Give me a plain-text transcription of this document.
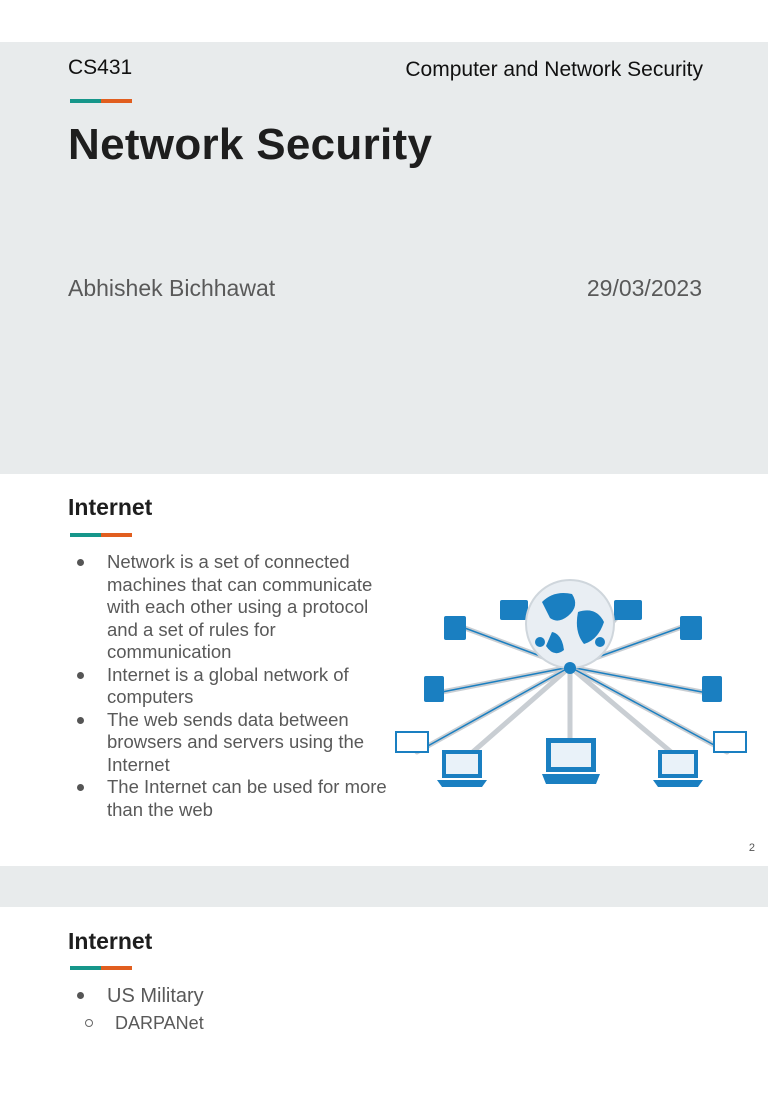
CS431	Computer and Network Security
Network Security
Abhishek Bichhawat	29/03/2023
Internet
Network is a set of connected machines that can communicate with each other using a protocol and a set of rules for communication
Internet is a global network of computers
The web sends data between browsers and servers using the Internet
The Internet can be used for more than the web
2
Internet
US Military
DARPANet
